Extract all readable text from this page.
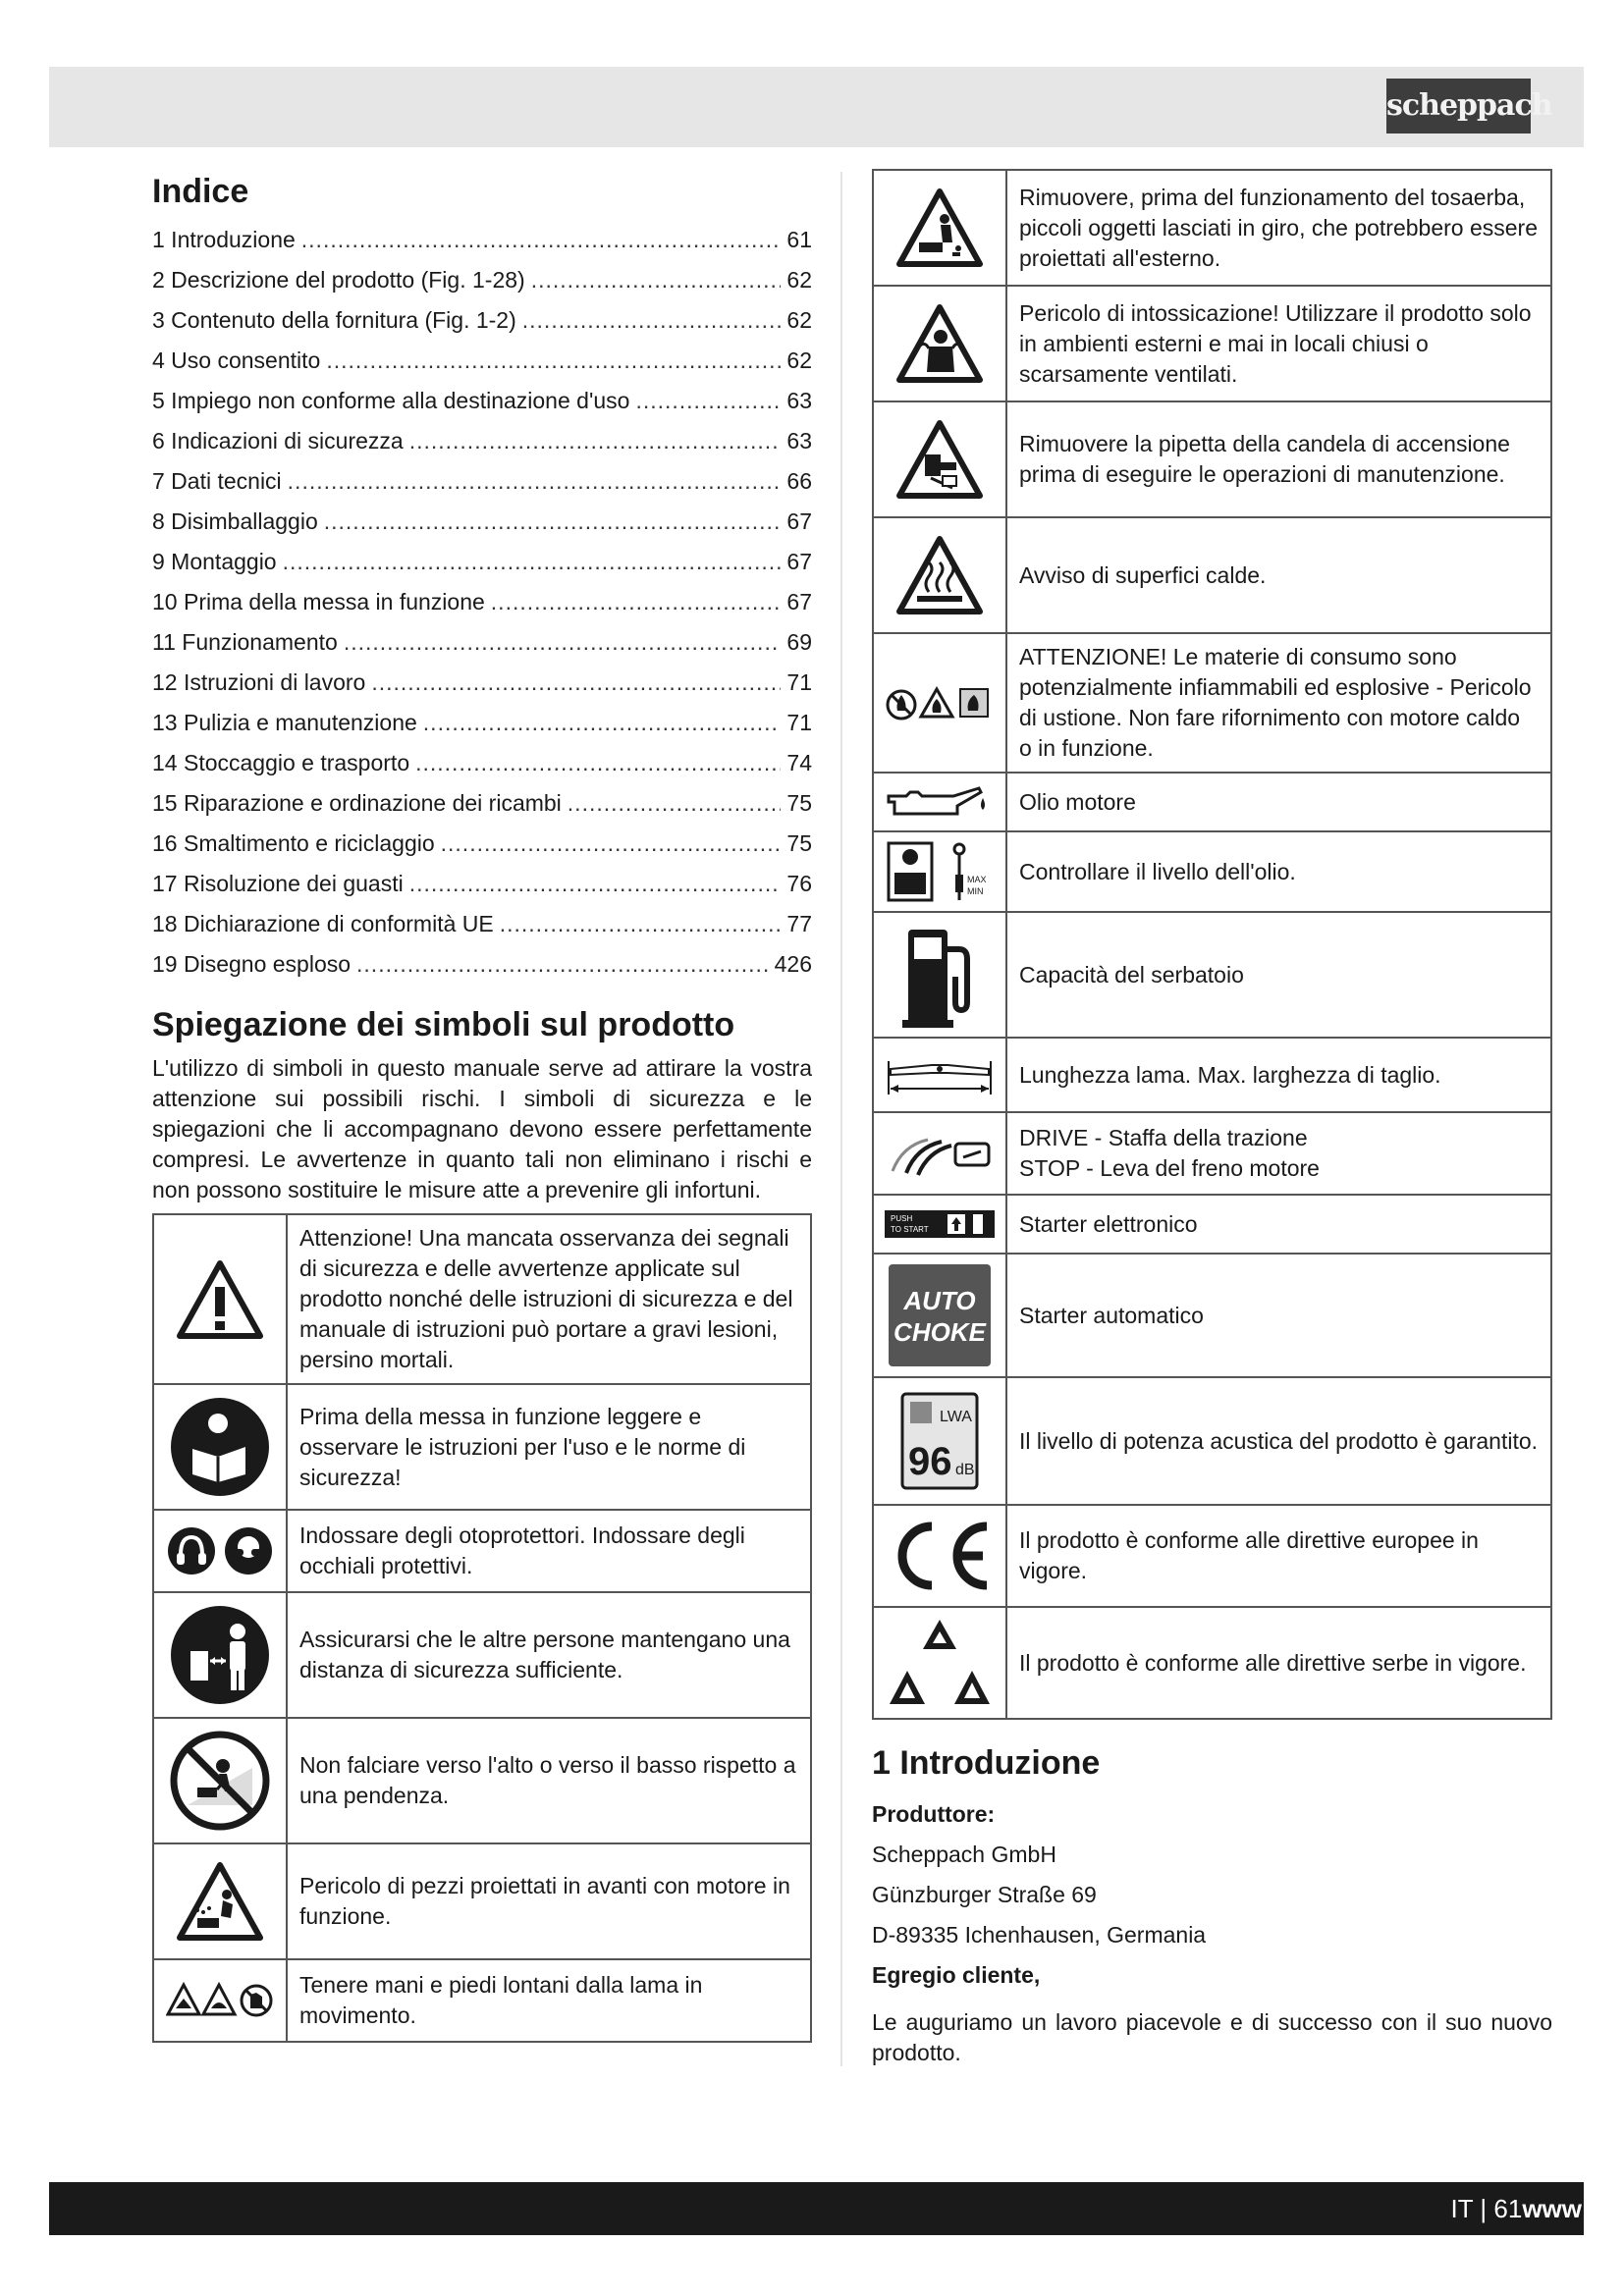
scheppach
Indice
1 Introduzione .....	61
2 Descrizione del prodotto (Fig. 1-28) .....	62
3 Contenuto della fornitura (Fig. 1-2) .....	62
4 Uso consentito .....	62
5 Impiego non conforme alla destinazione d'uso .....	63
6 Indicazioni di sicurezza .....	63
7 Dati tecnici .....	66
8 Disimballaggio .....	67
9 Montaggio .....	67
10 Prima della messa in funzione .....	67
11 Funzionamento .....	69
12 Istruzioni di lavoro .....	71
13 Pulizia e manutenzione .....	71
14 Stoccaggio e trasporto .....	74
15 Riparazione e ordinazione dei ricambi .....	75
16 Smaltimento e riciclaggio .....	75
17 Risoluzione dei guasti .....	76
18 Dichiarazione di conformità UE .....	77
19 Disegno esploso .....	426
Spiegazione dei simboli sul prodotto

L'utilizzo di simboli in questo manuale serve ad attirare la vostra attenzione sui possibili rischi. I simboli di sicurezza e le spiegazioni che li accompagnano devono essere perfettamente compresi. Le avvertenze in quanto tali non eliminano i rischi e non possono sostituire le misure atte a prevenire gli infortuni.

	Attenzione! Una mancata osservanza dei segnali di sicurezza e delle avvertenze applicate sul prodotto nonché delle istruzioni di sicurezza e del manuale di istruzioni può portare a gravi lesioni, persino mortali.

	Prima della messa in funzione leggere e osservare le istruzioni per l'uso e le norme di sicurezza!

	Indossare degli otoprotettori. Indossare degli occhiali protettivi.

	Assicurarsi che le altre persone mantengano una distanza di sicurezza sufficiente.

	Non falciare verso l'alto o verso il basso rispetto a una pendenza.

	Pericolo di pezzi proiettati in avanti con motore in funzione.

	Tenere mani e piedi lontani dalla lama in movimento.
	Rimuovere, prima del funzionamento del tosaerba, piccoli oggetti lasciati in giro, che potrebbero essere proiettati all'esterno.

	Pericolo di intossicazione! Utilizzare il prodotto solo in ambienti esterni e mai in locali chiusi o scarsamente ventilati.

	Rimuovere la pipetta della candela di accensione prima di eseguire le operazioni di manutenzione.

	Avviso di superfici calde.

	ATTENZIONE! Le materie di consumo sono potenzialmente infiammabili ed esplosive - Pericolo di ustione. Non fare rifornimento con motore caldo o in funzione.

	Olio motore

MAX
MIN	Controllare il livello dell'olio.

	Capacità del serbatoio

	Lunghezza lama. Max. larghezza di taglio.

	DRIVE - Staffa della trazione
STOP - Leva del freno motore

PUSH
TO START	Starter elettronico

AUTO
CHOKE	Starter automatico

LWA
96 dB	Il livello di potenza acustica del prodotto è garantito.

	Il prodotto è conforme alle direttive europee in vigore.

	Il prodotto è conforme alle direttive serbe in vigore.
1 Introduzione

Produttore:

Scheppach GmbH

Günzburger Straße 69

D-89335 Ichenhausen, Germania

Egregio cliente,

Le auguriamo un lavoro piacevole e di successo con il suo nuovo prodotto.

IT | 61www
